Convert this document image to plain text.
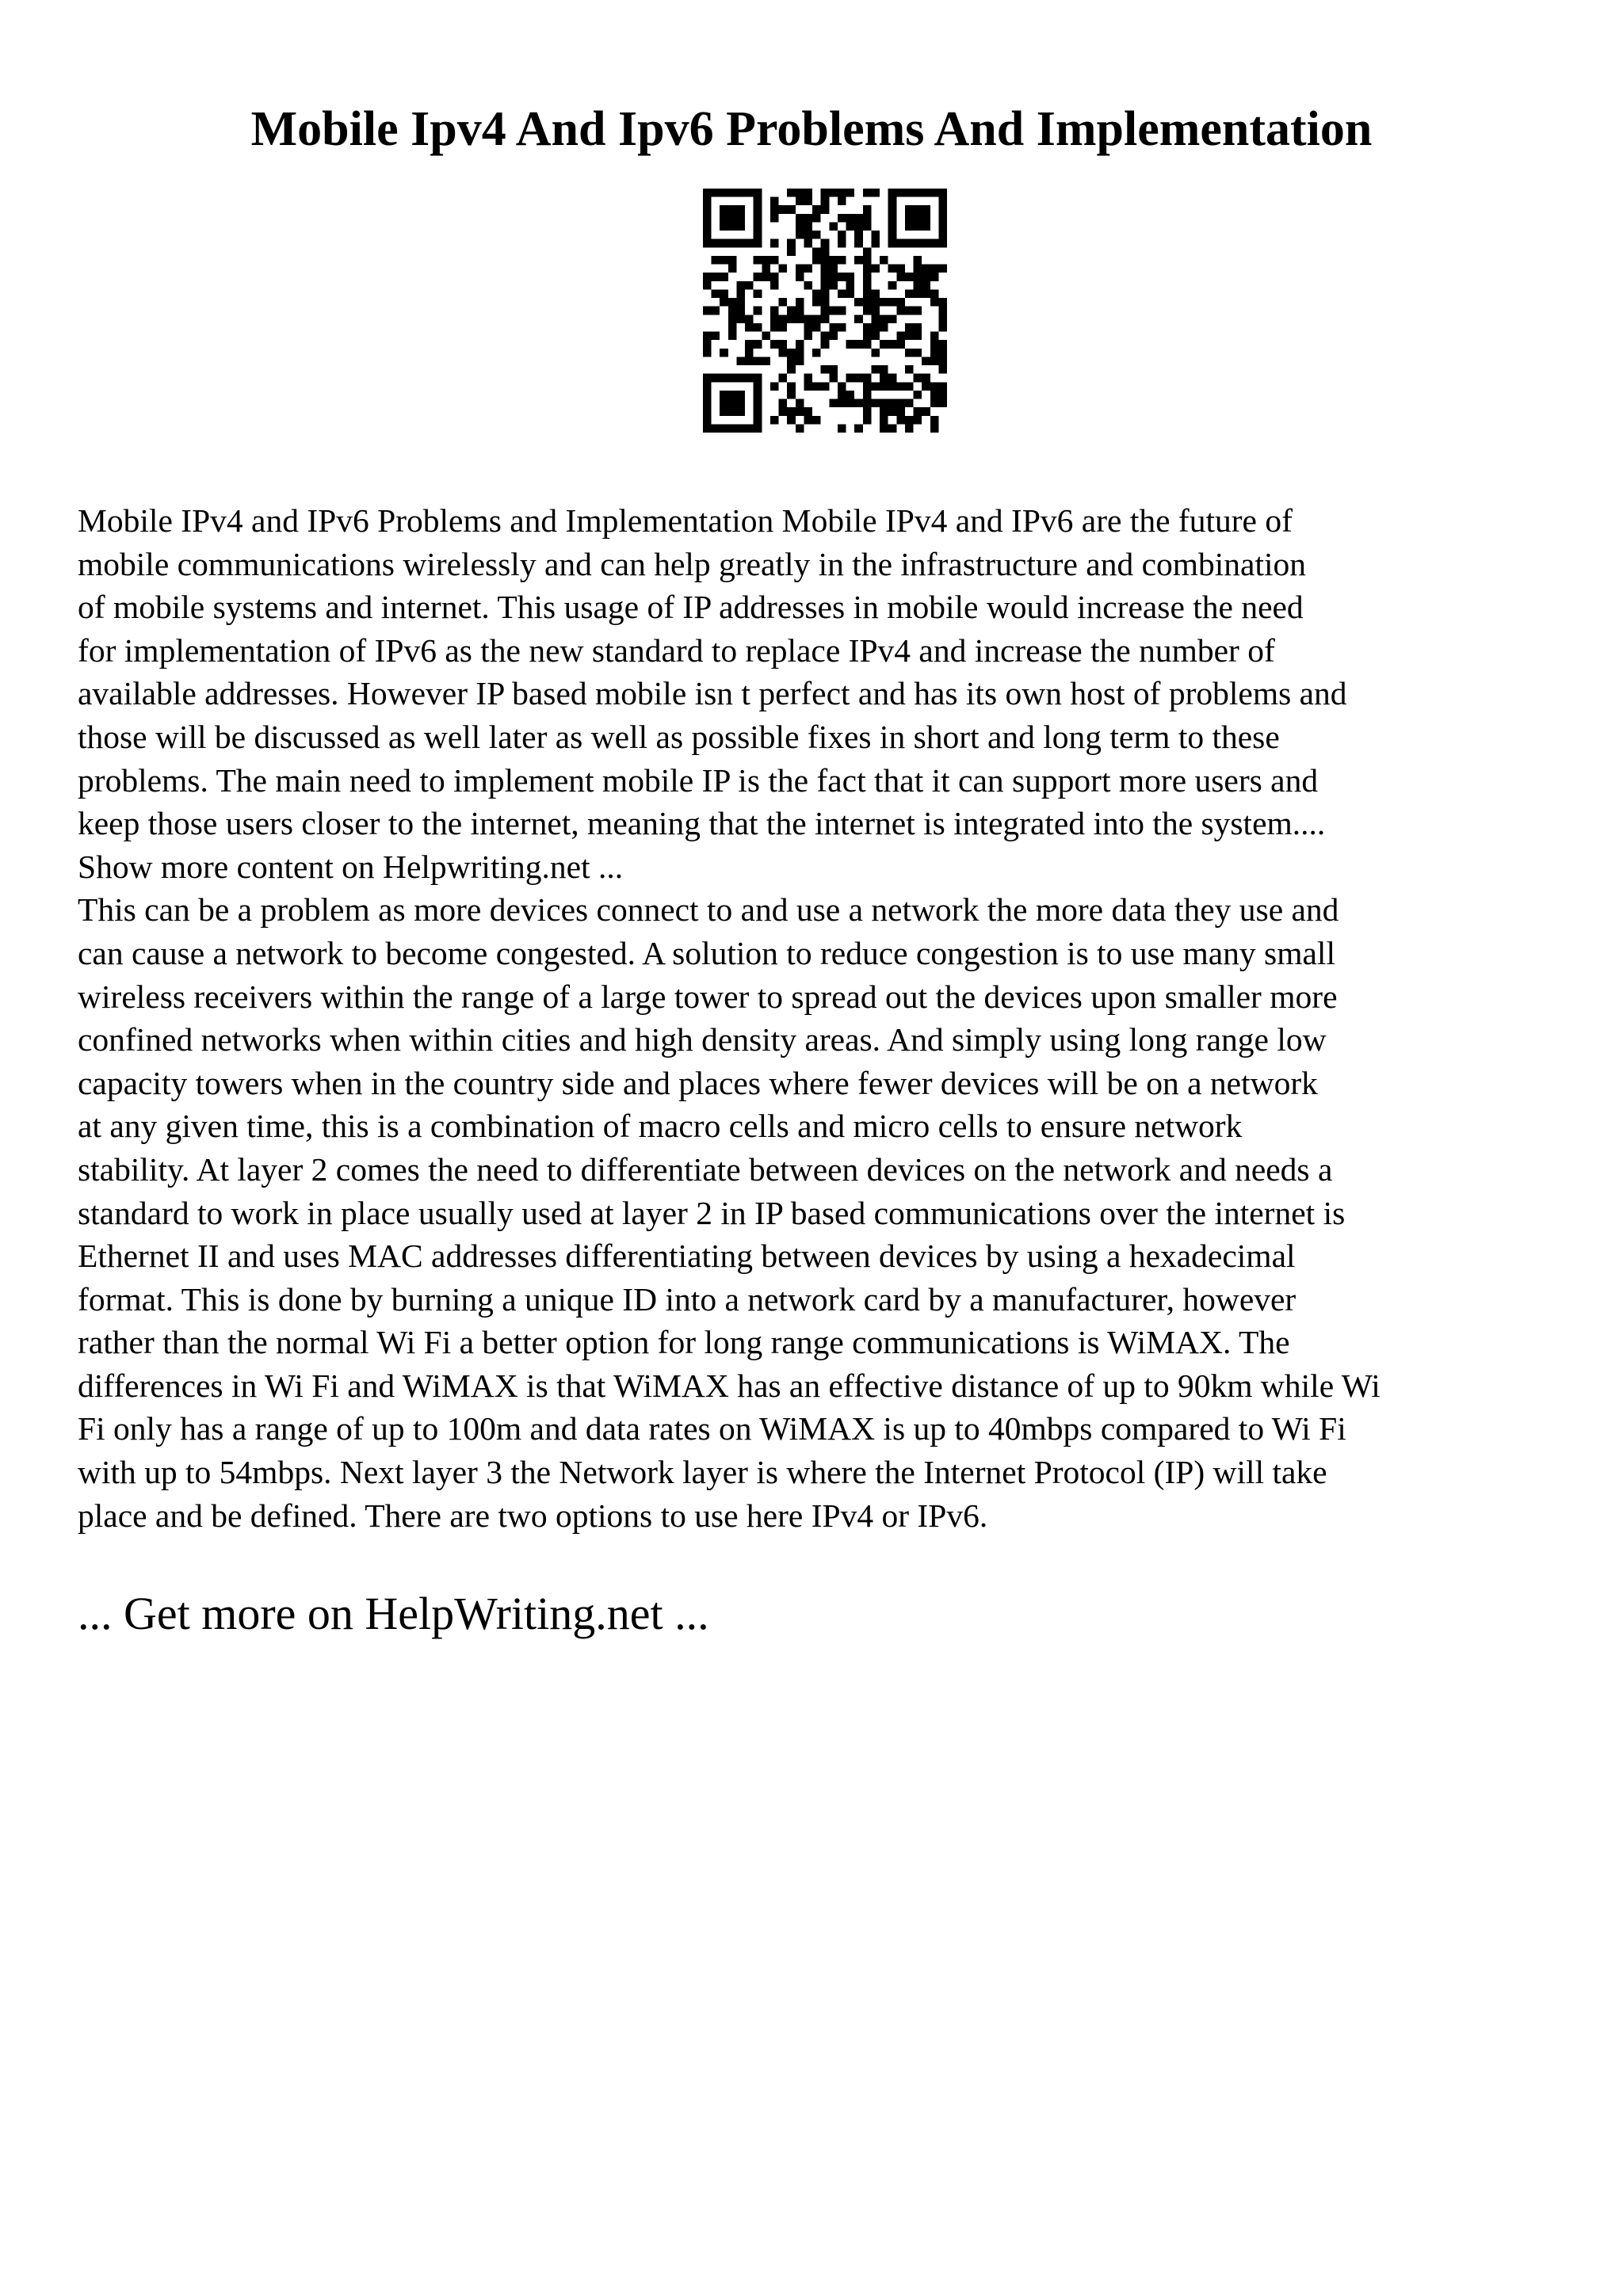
Mobile Ipv4 And Ipv6 Problems And Implementation

Mobile IPv4 and IPv6 Problems and Implementation Mobile IPv4 and IPv6 are the future of
mobile communications wirelessly and can help greatly in the infrastructure and combination
of mobile systems and internet. This usage of IP addresses in mobile would increase the need
for implementation of IPv6 as the new standard to replace IPv4 and increase the number of
available addresses. However IP based mobile isn t perfect and has its own host of problems and
those will be discussed as well later as well as possible fixes in short and long term to these
problems. The main need to implement mobile IP is the fact that it can support more users and
keep those users closer to the internet, meaning that the internet is integrated into the system....
Show more content on Helpwriting.net ...

This can be a problem as more devices connect to and use a network the more data they use and
can cause a network to become congested. A solution to reduce congestion is to use many small
wireless receivers within the range of a large tower to spread out the devices upon smaller more
confined networks when within cities and high density areas. And simply using long range low
capacity towers when in the country side and places where fewer devices will be on a network
at any given time, this is a combination of macro cells and micro cells to ensure network
stability. At layer 2 comes the need to differentiate between devices on the network and needs a
standard to work in place usually used at layer 2 in IP based communications over the internet is
Ethernet II and uses MAC addresses differentiating between devices by using a hexadecimal
format. This is done by burning a unique ID into a network card by a manufacturer, however
rather than the normal Wi Fi a better option for long range communications is WiMAX. The
differences in Wi Fi and WiMAX is that WiMAX has an effective distance of up to 90km while Wi
Fi only has a range of up to 100m and data rates on WiMAX is up to 40mbps compared to Wi Fi
with up to 54mbps. Next layer 3 the Network layer is where the Internet Protocol (IP) will take
place and be defined. There are two options to use here IPv4 or IPv6.

... Get more on HelpWriting.net ...
